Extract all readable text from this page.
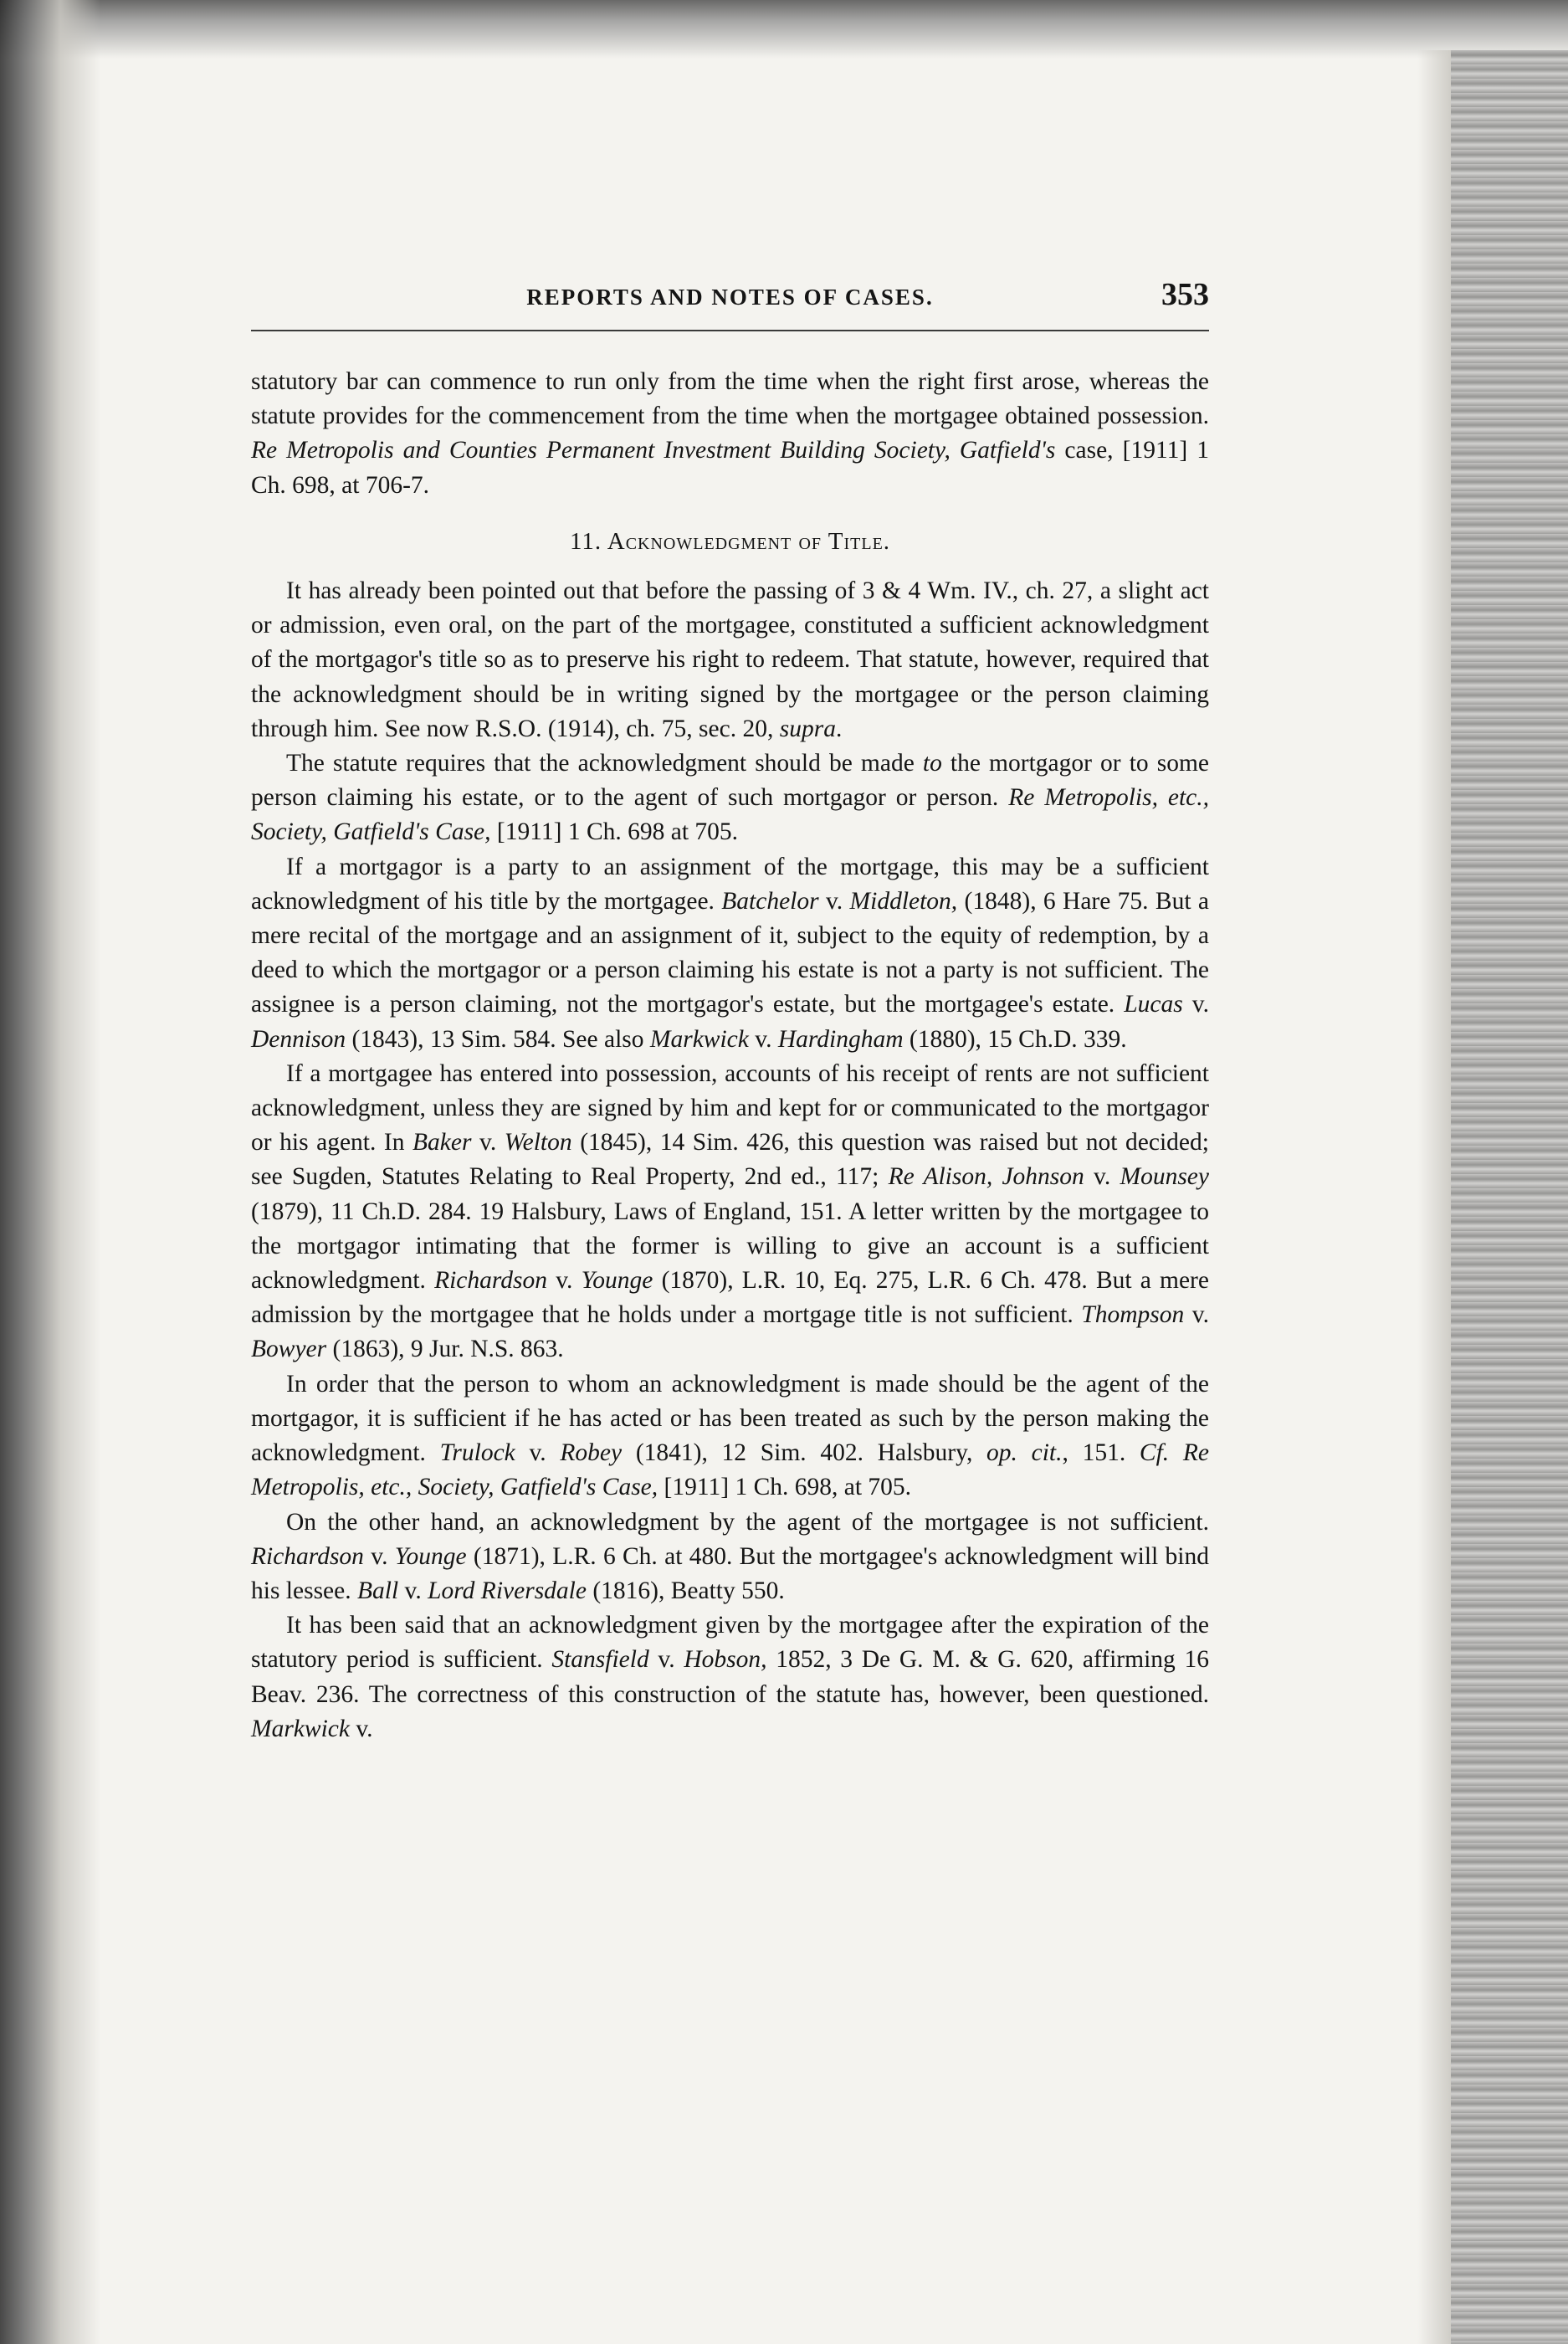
REPORTS AND NOTES OF CASES.	353

statutory bar can commence to run only from the time when the right first arose, whereas the statute provides for the commencement from the time when the mortgagee obtained possession. Re Metropolis and Counties Permanent Investment Building Society, Gatfield's case, [1911] 1 Ch. 698, at 706-7.

11. Acknowledgment of Title.

It has already been pointed out that before the passing of 3 & 4 Wm. IV., ch. 27, a slight act or admission, even oral, on the part of the mortgagee, constituted a sufficient acknowledgment of the mortgagor's title so as to preserve his right to redeem. That statute, however, required that the acknowledgment should be in writing signed by the mortgagee or the person claiming through him. See now R.S.O. (1914), ch. 75, sec. 20, supra.

The statute requires that the acknowledgment should be made to the mortgagor or to some person claiming his estate, or to the agent of such mortgagor or person. Re Metropolis, etc., Society, Gatfield's Case, [1911] 1 Ch. 698 at 705.

If a mortgagor is a party to an assignment of the mortgage, this may be a sufficient acknowledgment of his title by the mortgagee. Batchelor v. Middleton, (1848), 6 Hare 75. But a mere recital of the mortgage and an assignment of it, subject to the equity of redemption, by a deed to which the mortgagor or a person claiming his estate is not a party is not sufficient. The assignee is a person claiming, not the mortgagor's estate, but the mortgagee's estate. Lucas v. Dennison (1843), 13 Sim. 584. See also Markwick v. Hardingham (1880), 15 Ch.D. 339.

If a mortgagee has entered into possession, accounts of his receipt of rents are not sufficient acknowledgment, unless they are signed by him and kept for or communicated to the mortgagor or his agent. In Baker v. Welton (1845), 14 Sim. 426, this question was raised but not decided; see Sugden, Statutes Relating to Real Property, 2nd ed., 117; Re Alison, Johnson v. Mounsey (1879), 11 Ch.D. 284. 19 Halsbury, Laws of England, 151. A letter written by the mortgagee to the mortgagor intimating that the former is willing to give an account is a sufficient acknowledgment. Richardson v. Younge (1870), L.R. 10, Eq. 275, L.R. 6 Ch. 478. But a mere admission by the mortgagee that he holds under a mortgage title is not sufficient. Thompson v. Bowyer (1863), 9 Jur. N.S. 863.

In order that the person to whom an acknowledgment is made should be the agent of the mortgagor, it is sufficient if he has acted or has been treated as such by the person making the acknowledgment. Trulock v. Robey (1841), 12 Sim. 402. Halsbury, op. cit., 151. Cf. Re Metropolis, etc., Society, Gatfield's Case, [1911] 1 Ch. 698, at 705.

On the other hand, an acknowledgment by the agent of the mortgagee is not sufficient. Richardson v. Younge (1871), L.R. 6 Ch. at 480. But the mortgagee's acknowledgment will bind his lessee. Ball v. Lord Riversdale (1816), Beatty 550.

It has been said that an acknowledgment given by the mortgagee after the expiration of the statutory period is sufficient. Stansfield v. Hobson, 1852, 3 De G. M. & G. 620, affirming 16 Beav. 236. The correctness of this construction of the statute has, however, been questioned. Markwick v.
